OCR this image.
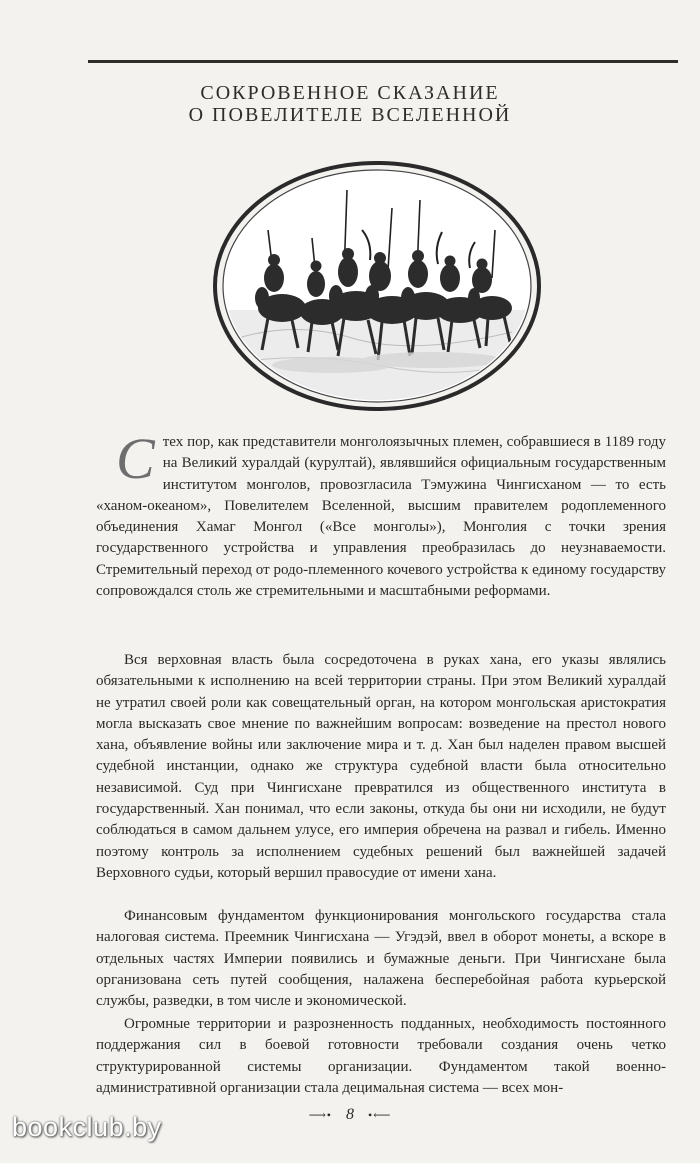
СОКРОВЕННОЕ СКАЗАНИЕ
О ПОВЕЛИТЕЛЕ ВСЕЛЕННОЙ
С тех пор, как представители монголоязычных племен, собравшиеся в 1189 году на Великий хуралдай (курултай), являвшийся официальным государственным институтом монголов, провозгласила Тэмужина Чингисханом — то есть «ханом-океаном», Повелителем Вселенной, высшим правителем родоплеменного объединения Хамаг Монгол («Все монголы»), Монголия с точки зрения государственного устройства и управления преобразилась до неузнаваемости. Стремительный переход от родо-племенного кочевого устройства к единому государству сопровождался столь же стремительными и масштабными реформами.
Вся верховная власть была сосредоточена в руках хана, его указы являлись обязательными к исполнению на всей территории страны. При этом Великий хуралдай не утратил своей роли как совещательный орган, на котором монгольская аристократия могла высказать свое мнение по важнейшим вопросам: возведение на престол нового хана, объявление войны или заключение мира и т. д. Хан был наделен правом высшей судебной инстанции, однако же структура судебной власти была относительно независимой. Суд при Чингисхане превратился из общественного института в государственный. Хан понимал, что если законы, откуда бы они ни исходили, не будут соблюдаться в самом дальнем улусе, его империя обречена на развал и гибель. Именно поэтому контроль за исполнением судебных решений был важнейшей задачей Верховного судьи, который вершил правосудие от имени хана.
Финансовым фундаментом функционирования монгольского государства стала налоговая система. Преемник Чингисхана — Угэдэй, ввел в оборот монеты, а вскоре в отдельных частях Империи появились и бумажные деньги. При Чингисхане была организована сеть путей сообщения, налажена бесперебойная работа курьерской службы, разведки, в том числе и экономической.
Огромные территории и разрозненность подданных, необходимость постоянного поддержания сил в боевой готовности требовали создания очень четко структурированной системы организации. Фундаментом такой военно-административной организации стала децимальная система — всех мон-
⟶• 8 •⟵
bookclub.by
